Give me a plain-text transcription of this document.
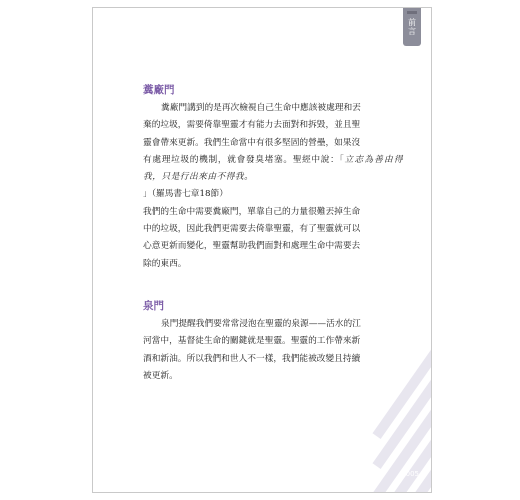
前
言
糞廠門
糞廠門講到的是再次檢視自己生命中應該被處理和丟
棄的垃圾，需要倚靠聖靈才有能力去面對和拆毀，並且聖
靈會帶來更新。我們生命當中有很多堅固的營壘，如果沒
有處理垃圾的機制，就會發臭堵塞。聖經中說：「立志為善由得我，只是行出來由不得我。
」（羅馬書七章18節）
我們的生命中需要糞廠門，單靠自己的力量很難丟掉生命
中的垃圾，因此我們更需要去倚靠聖靈，有了聖靈就可以
心意更新而變化，聖靈幫助我們面對和處理生命中需要去
除的東西。
泉門
泉門提醒我們要常常浸泡在聖靈的泉源——活水的江
河當中，基督徒生命的關鍵就是聖靈。聖靈的工作帶來新
酒和新油。所以我們和世人不一樣，我們能被改變且持續
被更新。
005
